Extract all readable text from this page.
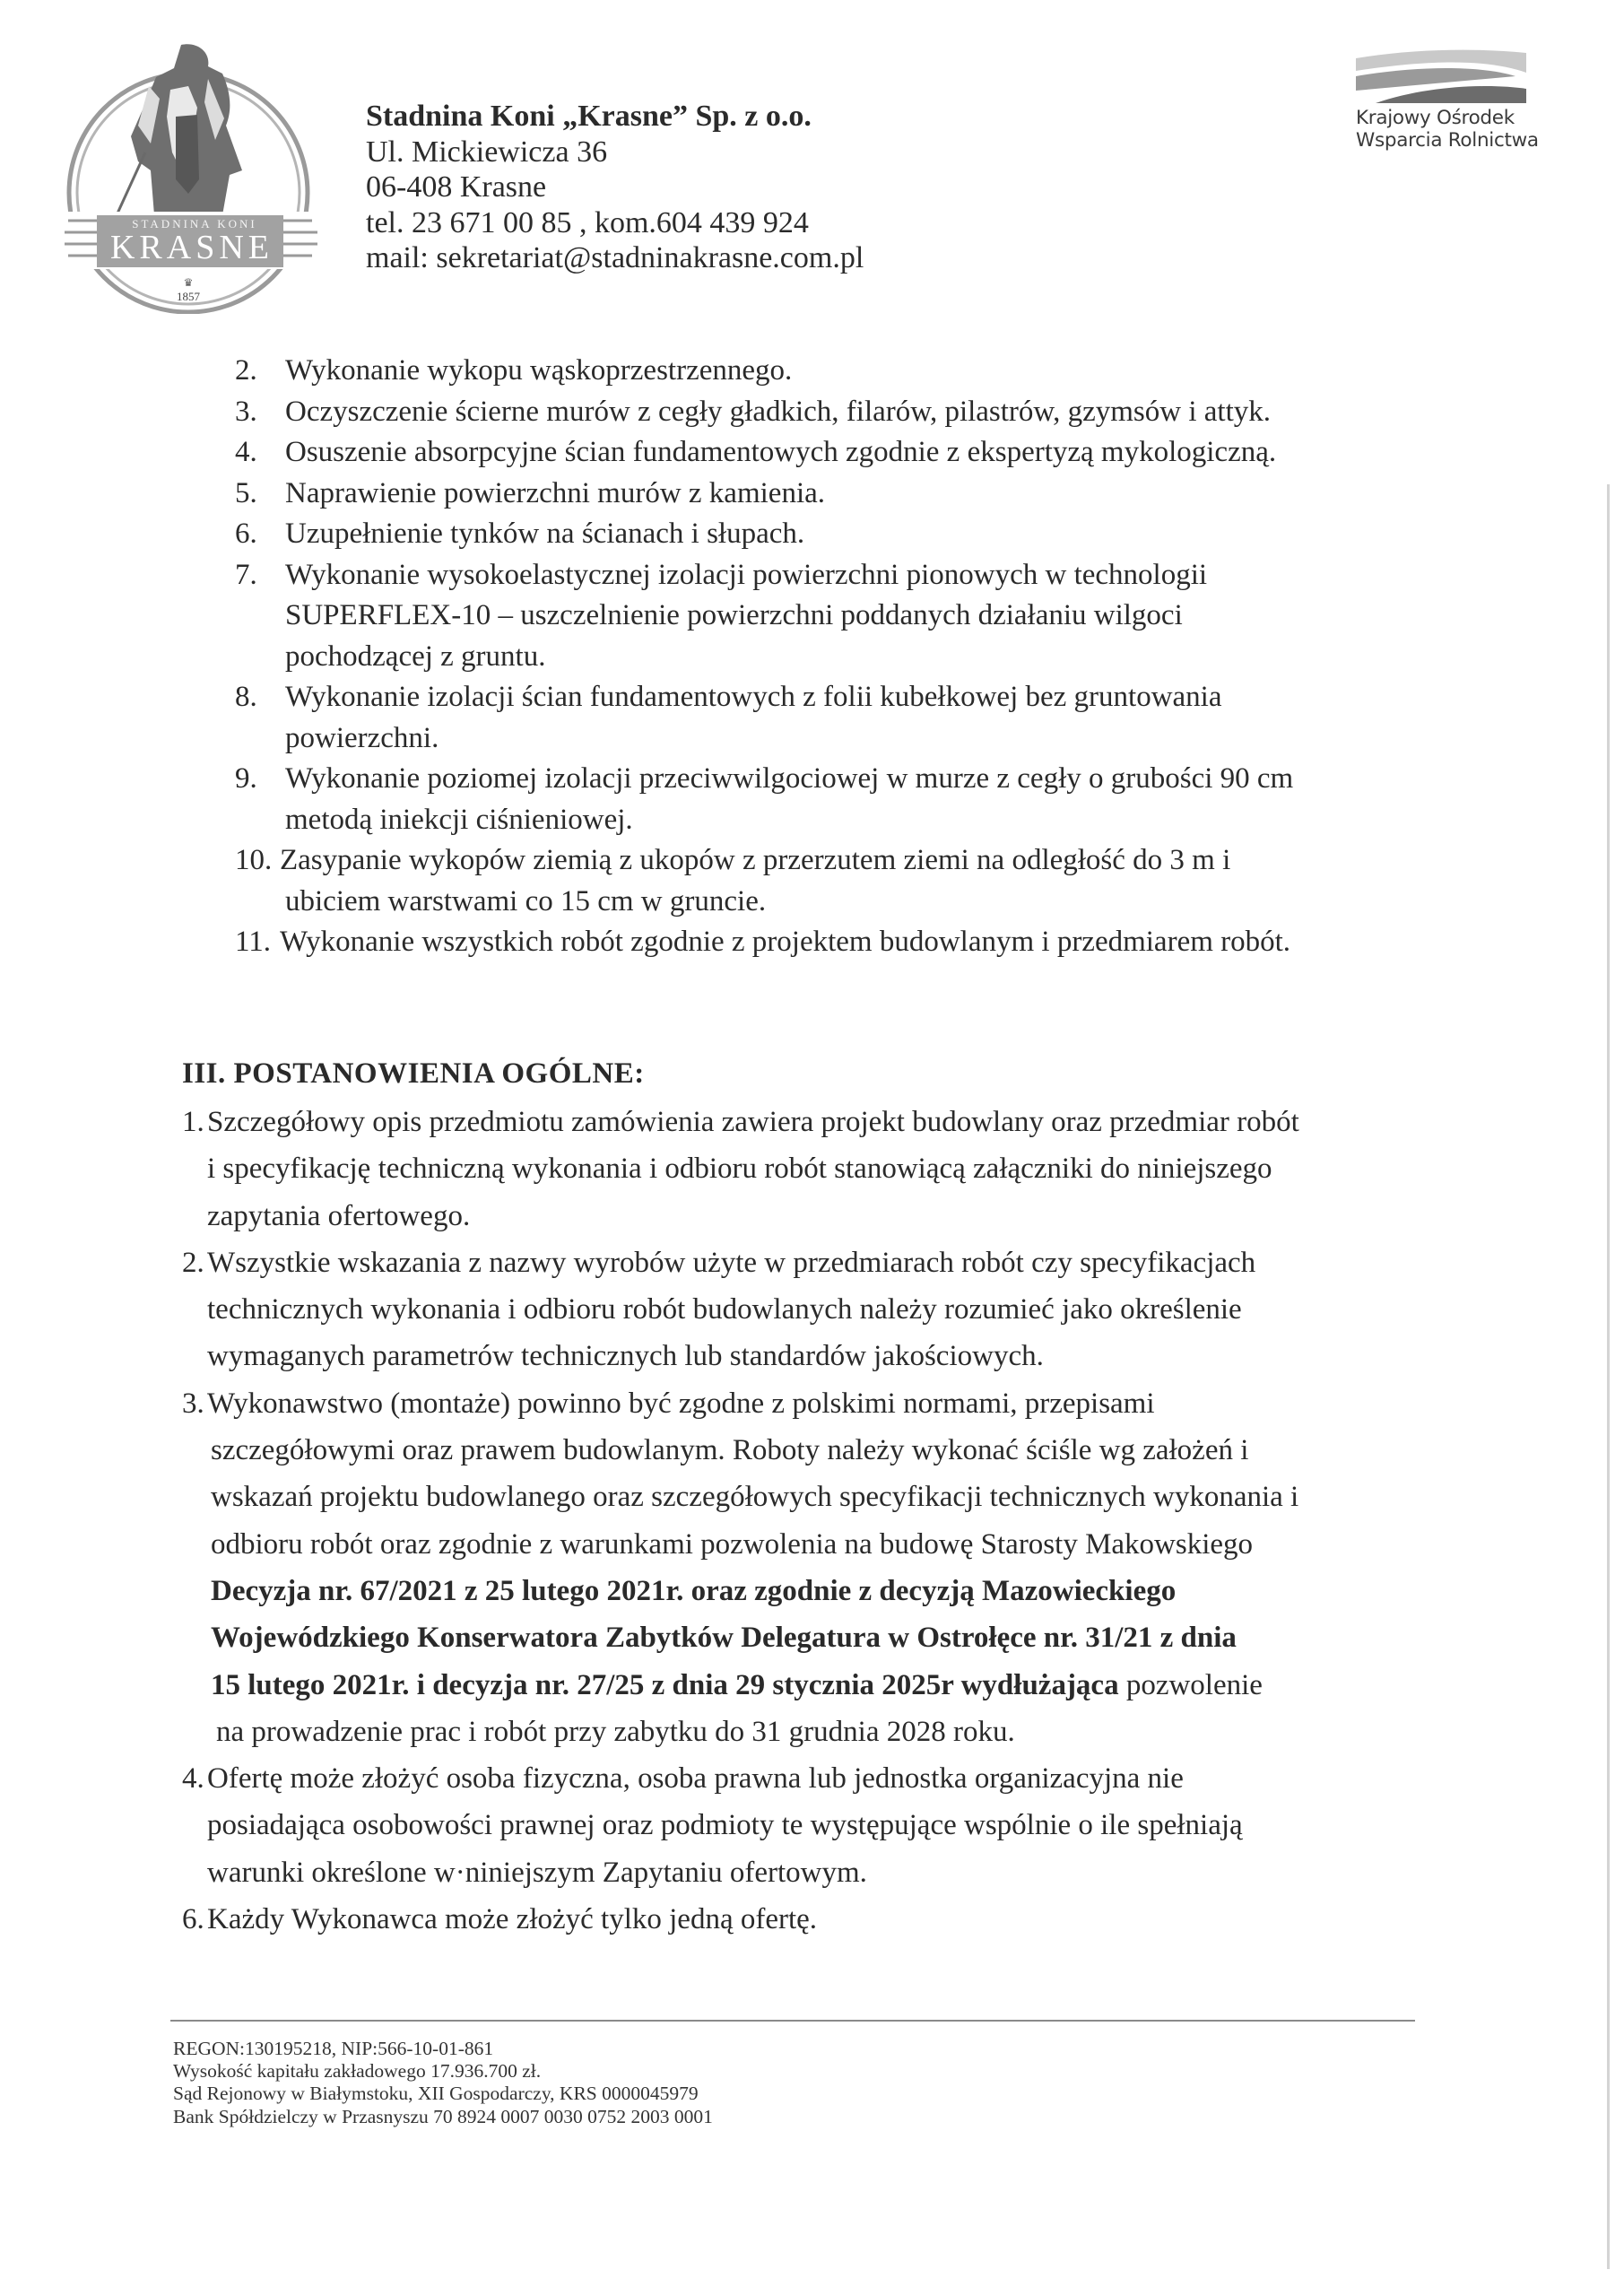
STADNINA KONI
KRASNE
♛
1857
Stadnina Koni „Krasne” Sp. z o.o.
Ul. Mickiewicza 36
06-408 Krasne
tel. 23 671 00 85 , kom.604 439 924
mail: sekretariat@stadninakrasne.com.pl
Krajowy Ośrodek
Wsparcia Rolnictwa
2. Wykonanie wykopu wąskoprzestrzennego.
3. Oczyszczenie ścierne murów z cegły gładkich, filarów, pilastrów, gzymsów i attyk.
4. Osuszenie absorpcyjne ścian fundamentowych zgodnie z ekspertyzą mykologiczną.
5. Naprawienie powierzchni murów z kamienia.
6. Uzupełnienie tynków na ścianach i słupach.
7. Wykonanie wysokoelastycznej izolacji powierzchni pionowych w technologii
SUPERFLEX-10 – uszczelnienie powierzchni poddanych działaniu wilgoci
pochodzącej z gruntu.
8. Wykonanie izolacji ścian fundamentowych z folii kubełkowej bez gruntowania
powierzchni.
9. Wykonanie poziomej izolacji przeciwwilgociowej w murze z cegły o grubości 90 cm
metodą iniekcji ciśnieniowej.
10. Zasypanie wykopów ziemią z ukopów z przerzutem ziemi na odległość do 3 m i
ubiciem warstwami co 15 cm w gruncie.
11. Wykonanie wszystkich robót zgodnie z projektem budowlanym i przedmiarem robót.
III. POSTANOWIENIA OGÓLNE:
1. Szczegółowy opis przedmiotu zamówienia zawiera projekt budowlany oraz przedmiar robót
i specyfikację techniczną wykonania i odbioru robót stanowiącą załączniki do niniejszego
zapytania ofertowego.
2. Wszystkie wskazania z nazwy wyrobów użyte w przedmiarach robót czy specyfikacjach
technicznych wykonania i odbioru robót budowlanych należy rozumieć jako określenie
wymaganych parametrów technicznych lub standardów jakościowych.
3. Wykonawstwo (montaże) powinno być zgodne z polskimi normami, przepisami
szczegółowymi oraz prawem budowlanym. Roboty należy wykonać ściśle wg założeń i
wskazań projektu budowlanego oraz szczegółowych specyfikacji technicznych wykonania i
odbioru robót oraz zgodnie z warunkami pozwolenia na budowę Starosty Makowskiego
Decyzja nr. 67/2021 z 25 lutego 2021r. oraz zgodnie z decyzją Mazowieckiego
Wojewódzkiego Konserwatora Zabytków Delegatura w Ostrołęce nr. 31/21 z dnia
15 lutego 2021r. i decyzja nr. 27/25 z dnia 29 stycznia 2025r wydłużająca pozwolenie
na prowadzenie prac i robót przy zabytku do 31 grudnia 2028 roku.
4. Ofertę może złożyć osoba fizyczna, osoba prawna lub jednostka organizacyjna nie
posiadająca osobowości prawnej oraz podmioty te występujące wspólnie o ile spełniają
warunki określone w·niniejszym Zapytaniu ofertowym.
6. Każdy Wykonawca może złożyć tylko jedną ofertę.
REGON:130195218, NIP:566-10-01-861
Wysokość kapitału zakładowego 17.936.700 zł.
Sąd Rejonowy w Białymstoku, XII Gospodarczy, KRS 0000045979
Bank Spółdzielczy w Przasnyszu 70 8924 0007 0030 0752 2003 0001
